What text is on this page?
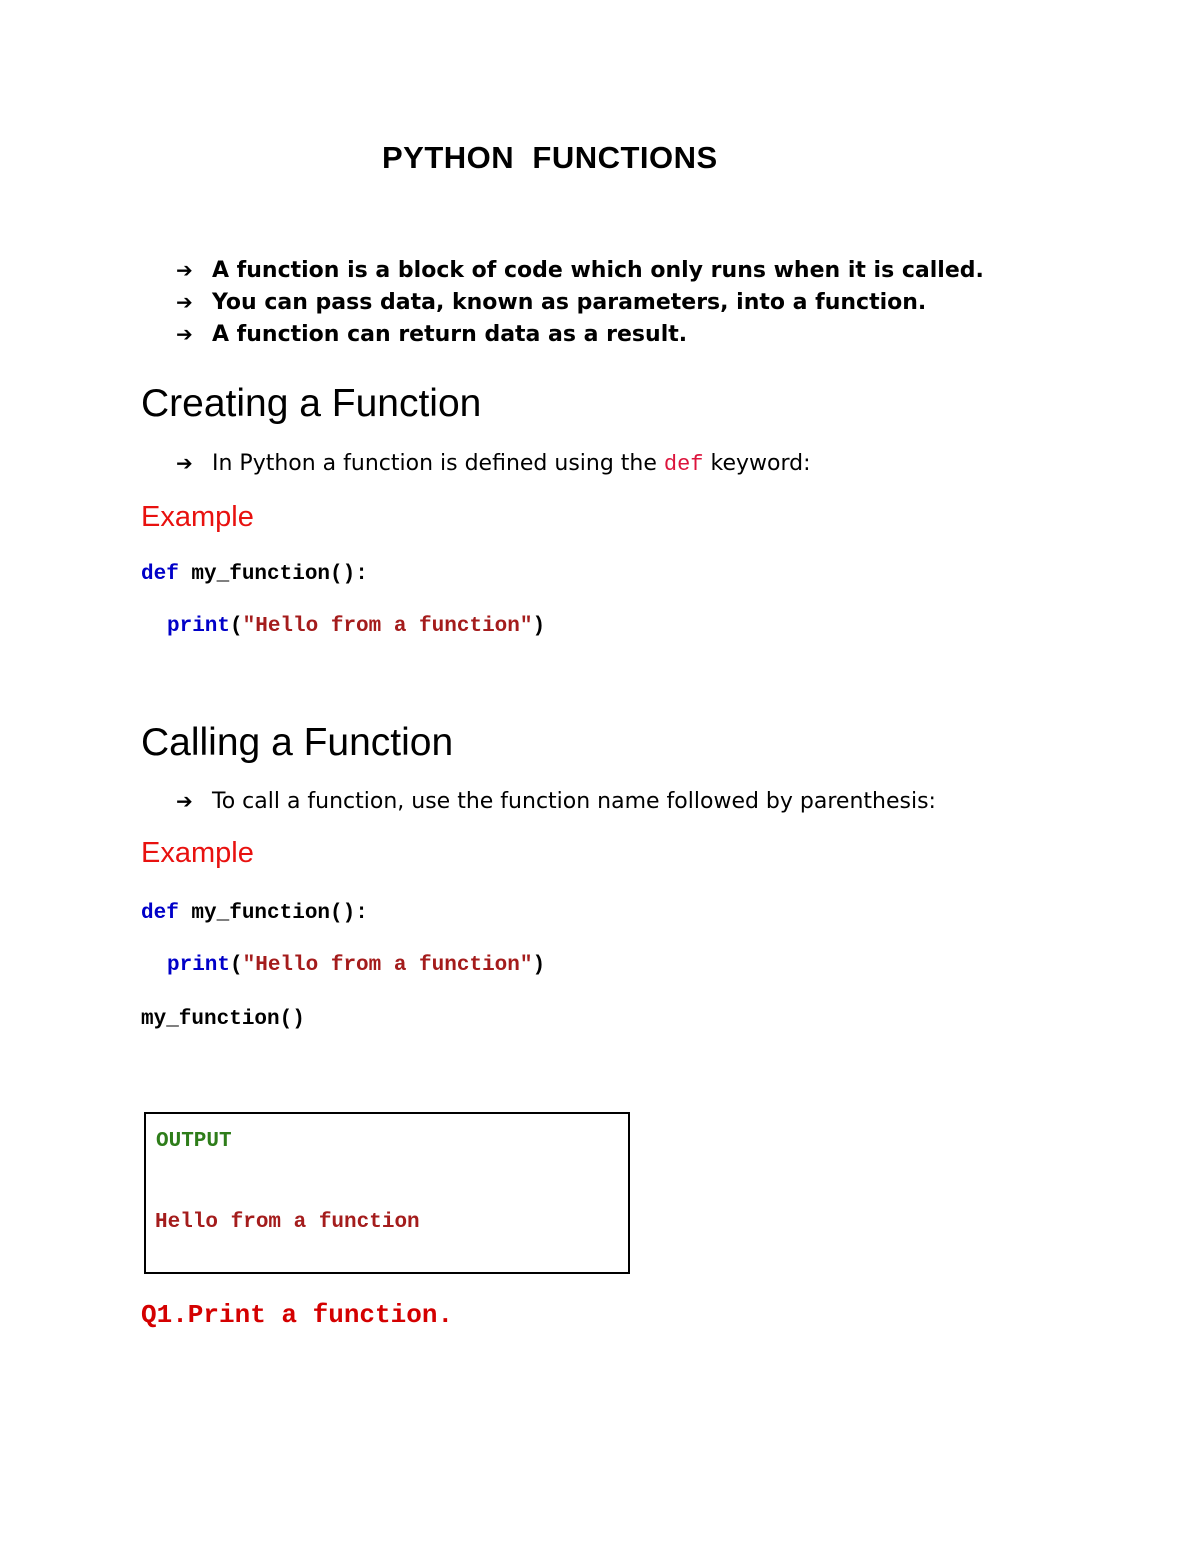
PYTHON  FUNCTIONS
➔ A function is a block of code which only runs when it is called.
➔ You can pass data, known as parameters, into a function.
➔ A function can return data as a result.
Creating a Function
➔ In Python a function is defined using the def keyword:
Example
def my_function():
print("Hello from a function")
Calling a Function
➔ To call a function, use the function name followed by parenthesis:
Example
def my_function():
print("Hello from a function")
my_function()

OUTPUT

Hello from a function

Q1.Print a function.
